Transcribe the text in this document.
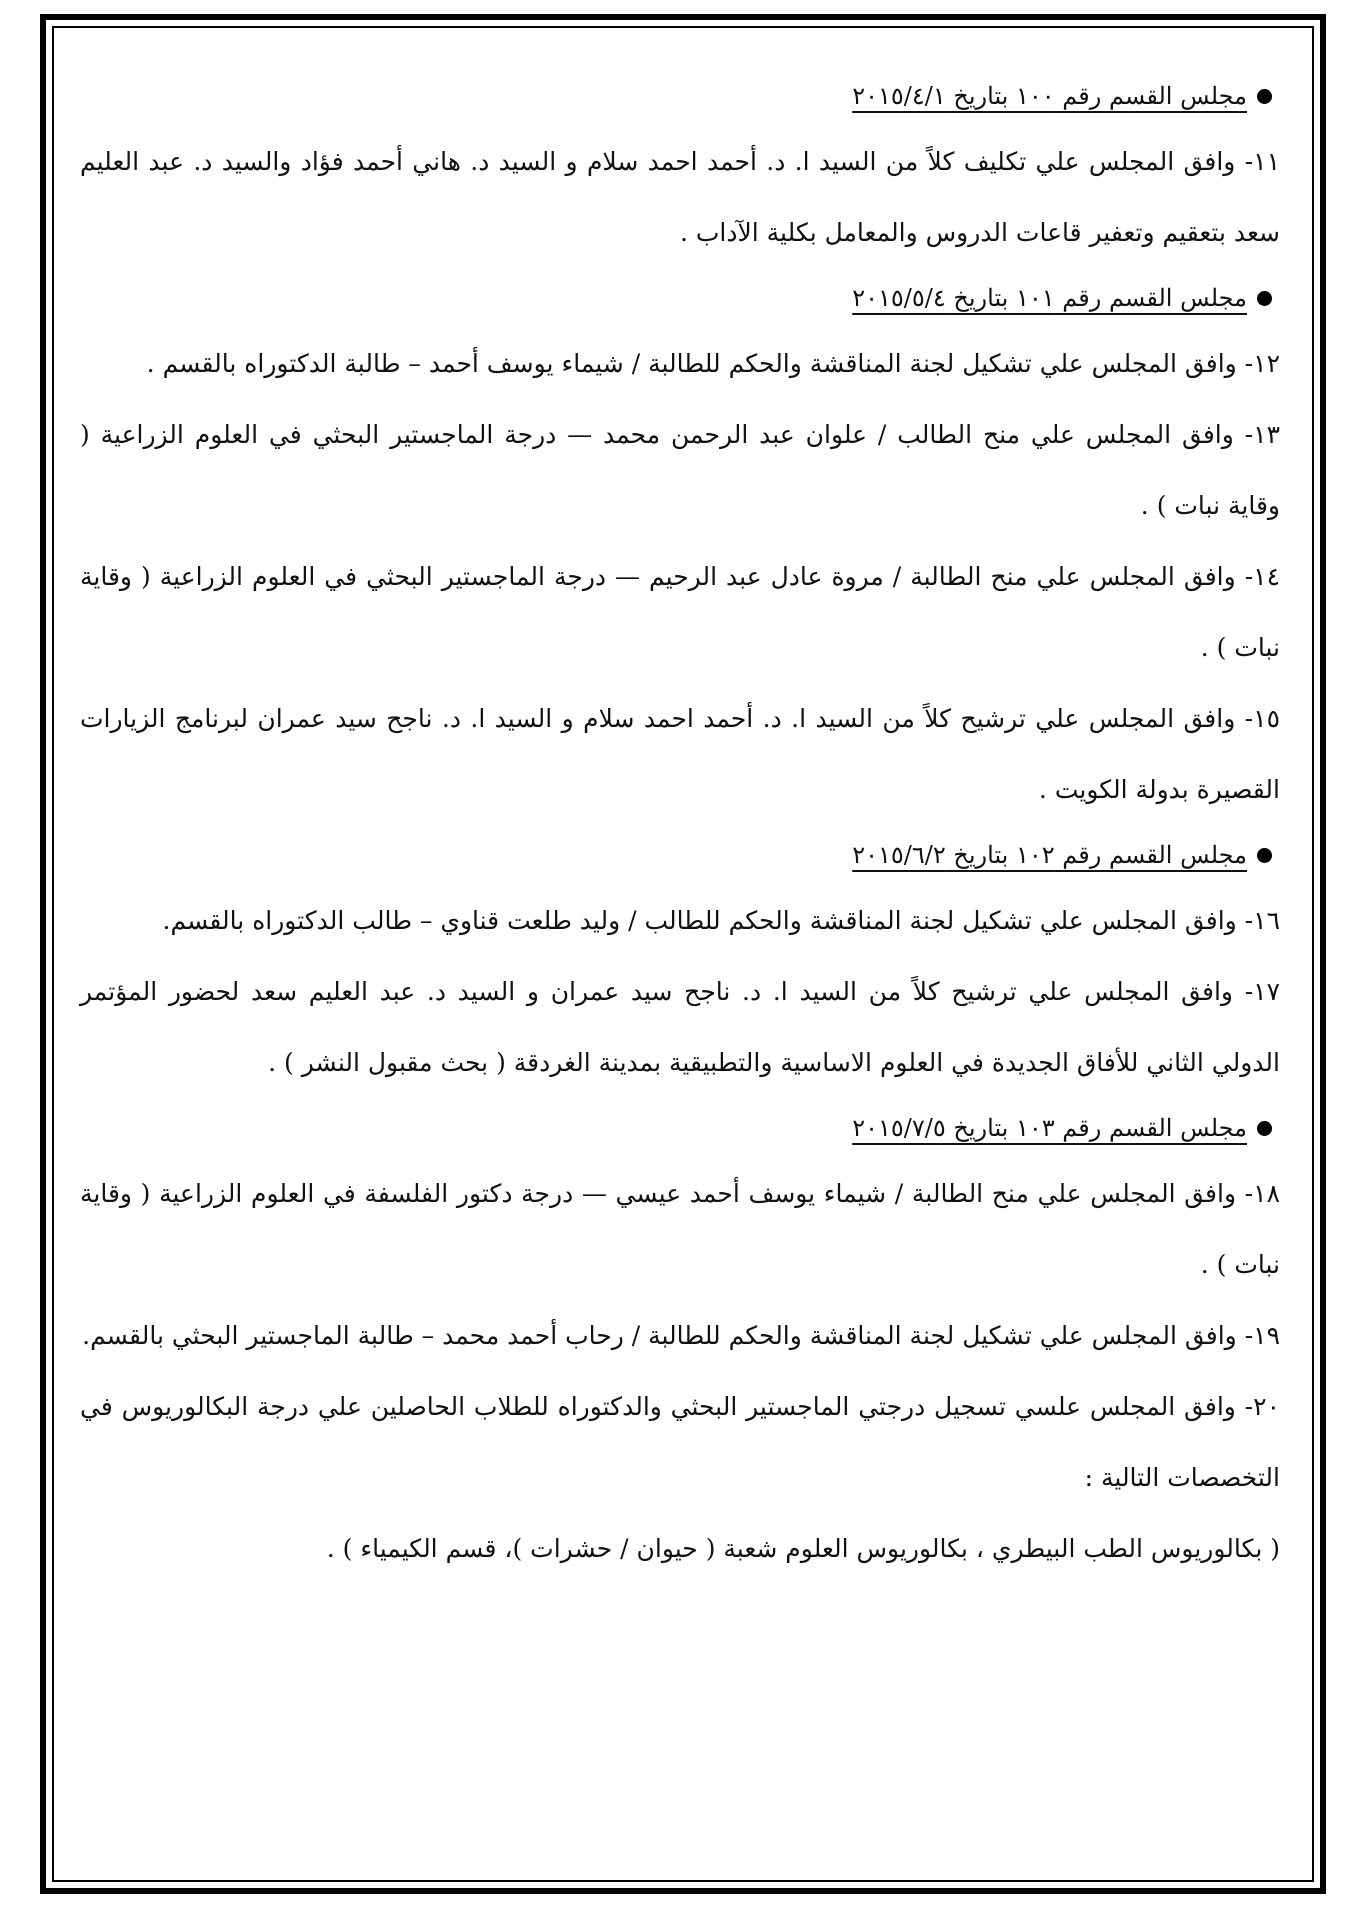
مجلس القسم رقم ١٠٠ بتاريخ ٢٠١٥/٤/١

١١- وافق المجلس علي تكليف كلاً من السيد ا. د. أحمد احمد سلام و السيد د. هاني أحمد فؤاد والسيد د. عبد العليم سعد بتعقيم وتعفير قاعات الدروس والمعامل بكلية الآداب .

مجلس القسم رقم ١٠١ بتاريخ ٢٠١٥/٥/٤

١٢- وافق المجلس علي تشكيل لجنة المناقشة والحكم للطالبة / شيماء يوسف أحمد – طالبة الدكتوراه بالقسم .

١٣- وافق المجلس علي منح الطالب / علوان عبد الرحمن محمد — درجة الماجستير البحثي في العلوم الزراعية ( وقاية نبات ) .

١٤- وافق المجلس علي منح الطالبة / مروة عادل عبد الرحيم — درجة الماجستير البحثي في العلوم الزراعية ( وقاية نبات ) .

١٥- وافق المجلس علي ترشيح كلاً من السيد ا. د. أحمد احمد سلام و السيد ا. د. ناجح سيد عمران لبرنامج الزيارات القصيرة بدولة الكويت .

مجلس القسم رقم ١٠٢ بتاريخ ٢٠١٥/٦/٢

١٦- وافق المجلس علي تشكيل لجنة المناقشة والحكم للطالب / وليد طلعت قناوي – طالب الدكتوراه بالقسم.

١٧- وافق المجلس علي ترشيح كلاً من السيد ا. د. ناجح سيد عمران و السيد د. عبد العليم سعد لحضور المؤتمر الدولي الثاني للأفاق الجديدة في العلوم الاساسية والتطبيقية بمدينة الغردقة ( بحث مقبول النشر ) .

مجلس القسم رقم ١٠٣ بتاريخ ٢٠١٥/٧/٥

١٨- وافق المجلس علي منح الطالبة / شيماء يوسف أحمد عيسي — درجة دكتور الفلسفة في العلوم الزراعية ( وقاية نبات ) .

١٩- وافق المجلس علي تشكيل لجنة المناقشة والحكم للطالبة / رحاب أحمد محمد – طالبة الماجستير البحثي بالقسم.

٢٠- وافق المجلس علسي تسجيل درجتي الماجستير البحثي والدكتوراه للطلاب الحاصلين علي درجة البكالوريوس في التخصصات التالية :

( بكالوريوس الطب البيطري ، بكالوريوس العلوم شعبة ( حيوان / حشرات )، قسم الكيمياء ) .
